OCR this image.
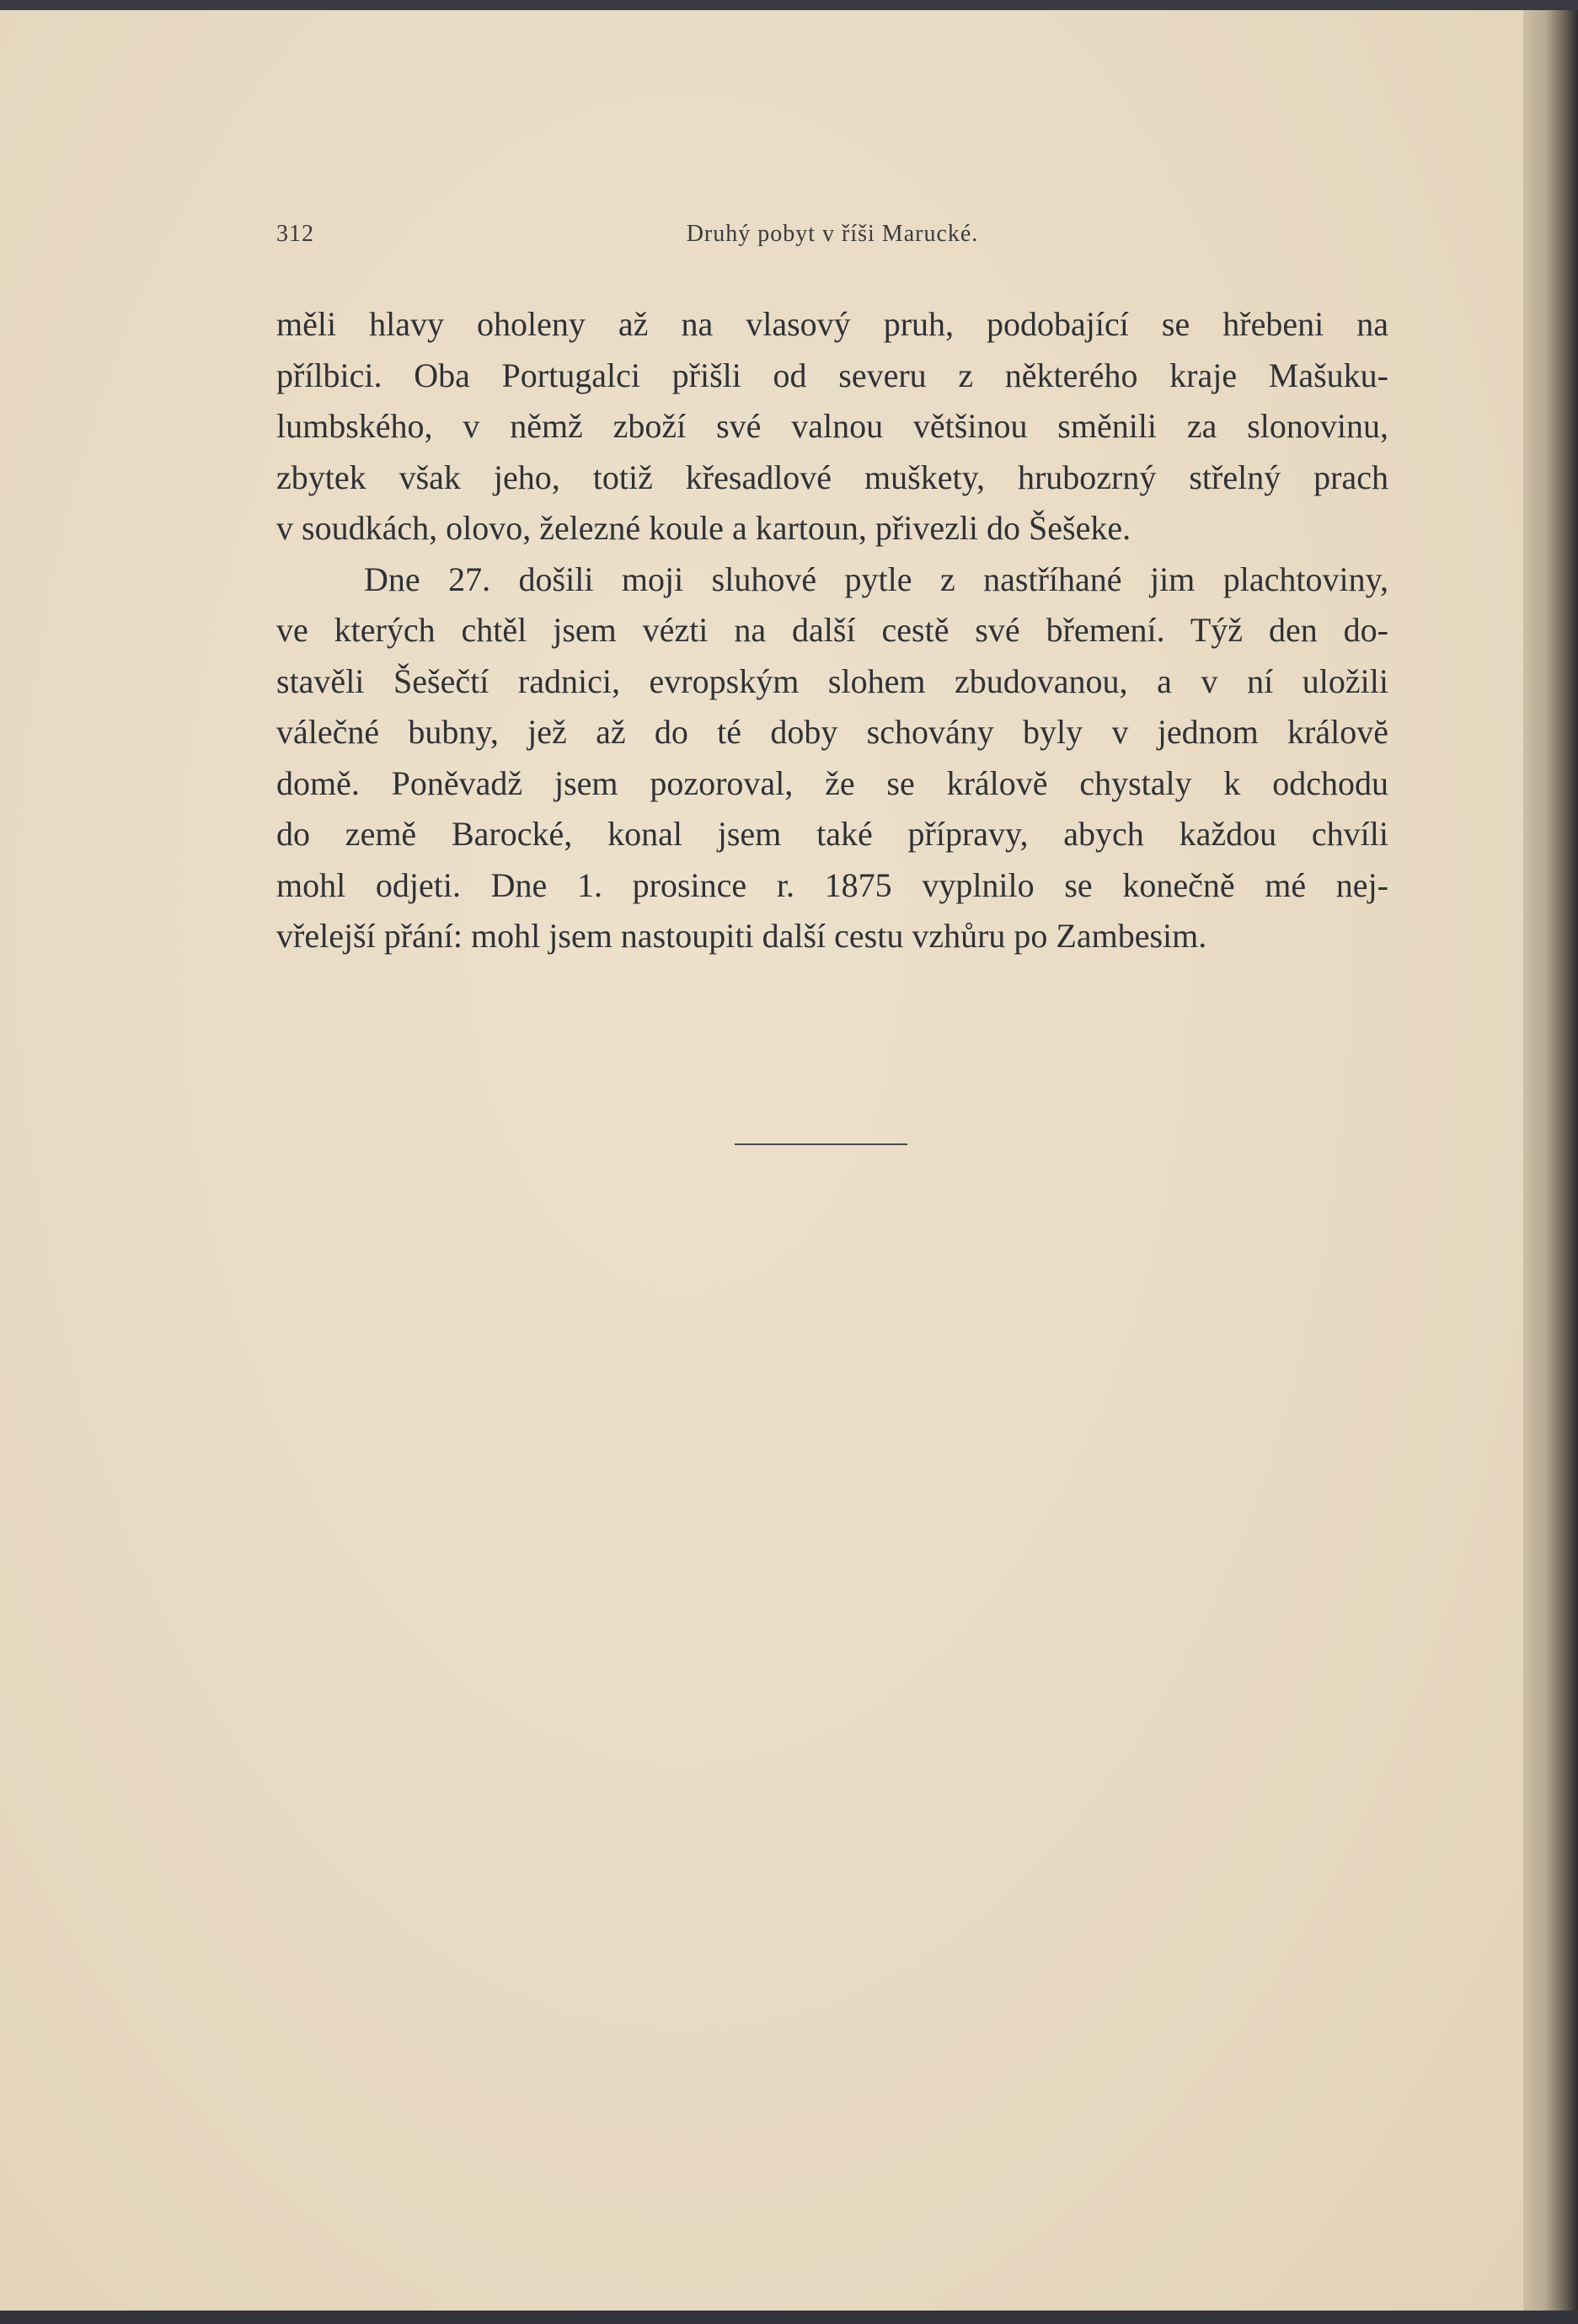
312	Druhý pobyt v říši Marucké.
měli hlavy oholeny až na vlasový pruh, podobající se hřebeni na
přílbici. Oba Portugalci přišli od severu z některého kraje Mašuku-
lumbského, v němž zboží své valnou většinou směnili za slonovinu,
zbytek však jeho, totiž křesadlové muškety, hrubozrný střelný prach
v soudkách, olovo, železné koule a kartoun, přivezli do Šešeke.
Dne 27. došili moji sluhové pytle z nastříhané jim plachtoviny,
ve kterých chtěl jsem vézti na další cestě své břemení. Týž den do-
stavěli Šešečtí radnici, evropským slohem zbudovanou, a v ní uložili
válečné bubny, jež až do té doby schovány byly v jednom královĕ
domě. Poněvadž jsem pozoroval, že se královĕ chystaly k odchodu
do země Barocké, konal jsem také přípravy, abych každou chvíli
mohl odjeti. Dne 1. prosince r. 1875 vyplnilo se konečně mé nej-
vřelejší přání: mohl jsem nastoupiti další cestu vzhůru po Zambesim.
